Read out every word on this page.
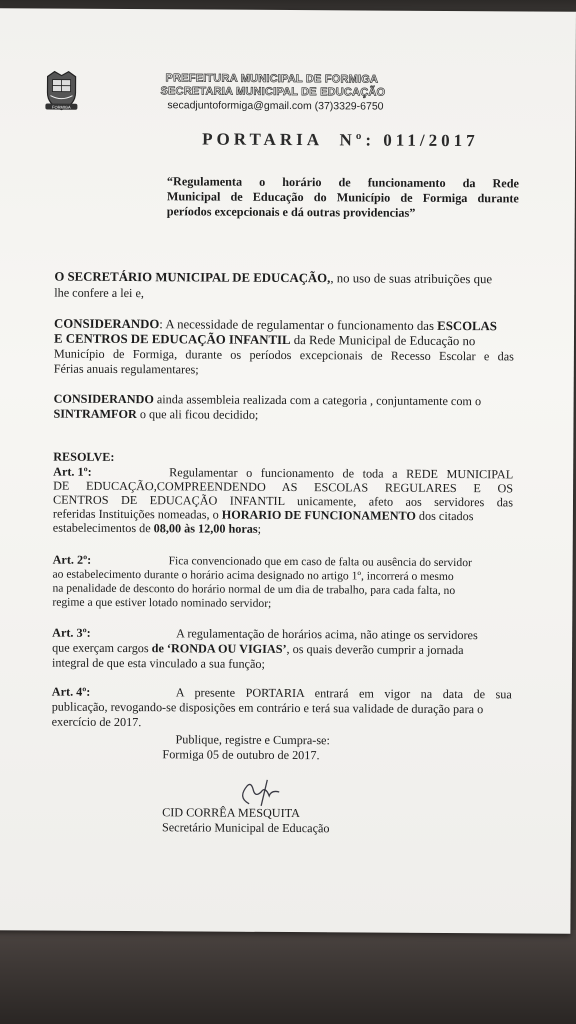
FORMIGA
PREFEITURA MUNICIPAL DE FORMIGA
SECRETARIA MUNICIPAL DE EDUCAÇÃO
secadjuntoformiga@gmail.com (37)3329-6750
PORTARIA Nº: 011/2017
“Regulamenta o horário de funcionamento da Rede
Municipal de Educação do Município de Formiga durante
períodos excepcionais e dá outras providencias”
O SECRETÁRIO MUNICIPAL DE EDUCAÇÃO,, no uso de suas atribuições que
lhe confere a lei e,
CONSIDERANDO: A necessidade de regulamentar o funcionamento das ESCOLAS
E CENTROS DE EDUCAÇÃO INFANTIL da Rede Municipal de Educação no
Município de Formiga, durante os períodos excepcionais de Recesso Escolar e das
Férias anuais regulamentares;
CONSIDERANDO ainda assembleia realizada com a categoria , conjuntamente com o
SINTRAMFOR o que ali ficou decidido;
RESOLVE:
Art. 1º:	Regulamentar o funcionamento de toda a REDE MUNICIPAL
DE EDUCAÇÃO,COMPREENDENDO AS ESCOLAS REGULARES E OS
CENTROS DE EDUCAÇÃO INFANTIL unicamente, afeto aos servidores das
referidas Instituições nomeadas, o HORARIO DE FUNCIONAMENTO dos citados
estabelecimentos de 08,00 às 12,00 horas;
Art. 2º:	Fica convencionado que em caso de falta ou ausência do servidor
ao estabelecimento durante o horário acima designado no artigo 1º, incorrerá o mesmo
na penalidade de desconto do horário normal de um dia de trabalho, para cada falta, no
regime a que estiver lotado nominado servidor;
Art. 3º:	A regulamentação de horários acima, não atinge os servidores
que exerçam cargos de ‘RONDA OU VIGIAS’, os quais deverão cumprir a jornada
integral de que esta vinculado a sua função;
Art. 4º:	A presente PORTARIA entrará em vigor na data de sua
publicação, revogando-se disposições em contrário e terá sua validade de duração para o
exercício de 2017.
Publique, registre e Cumpra-se:
Formiga 05 de outubro de 2017.
CID CORRÊA MESQUITA
Secretário Municipal de Educação
